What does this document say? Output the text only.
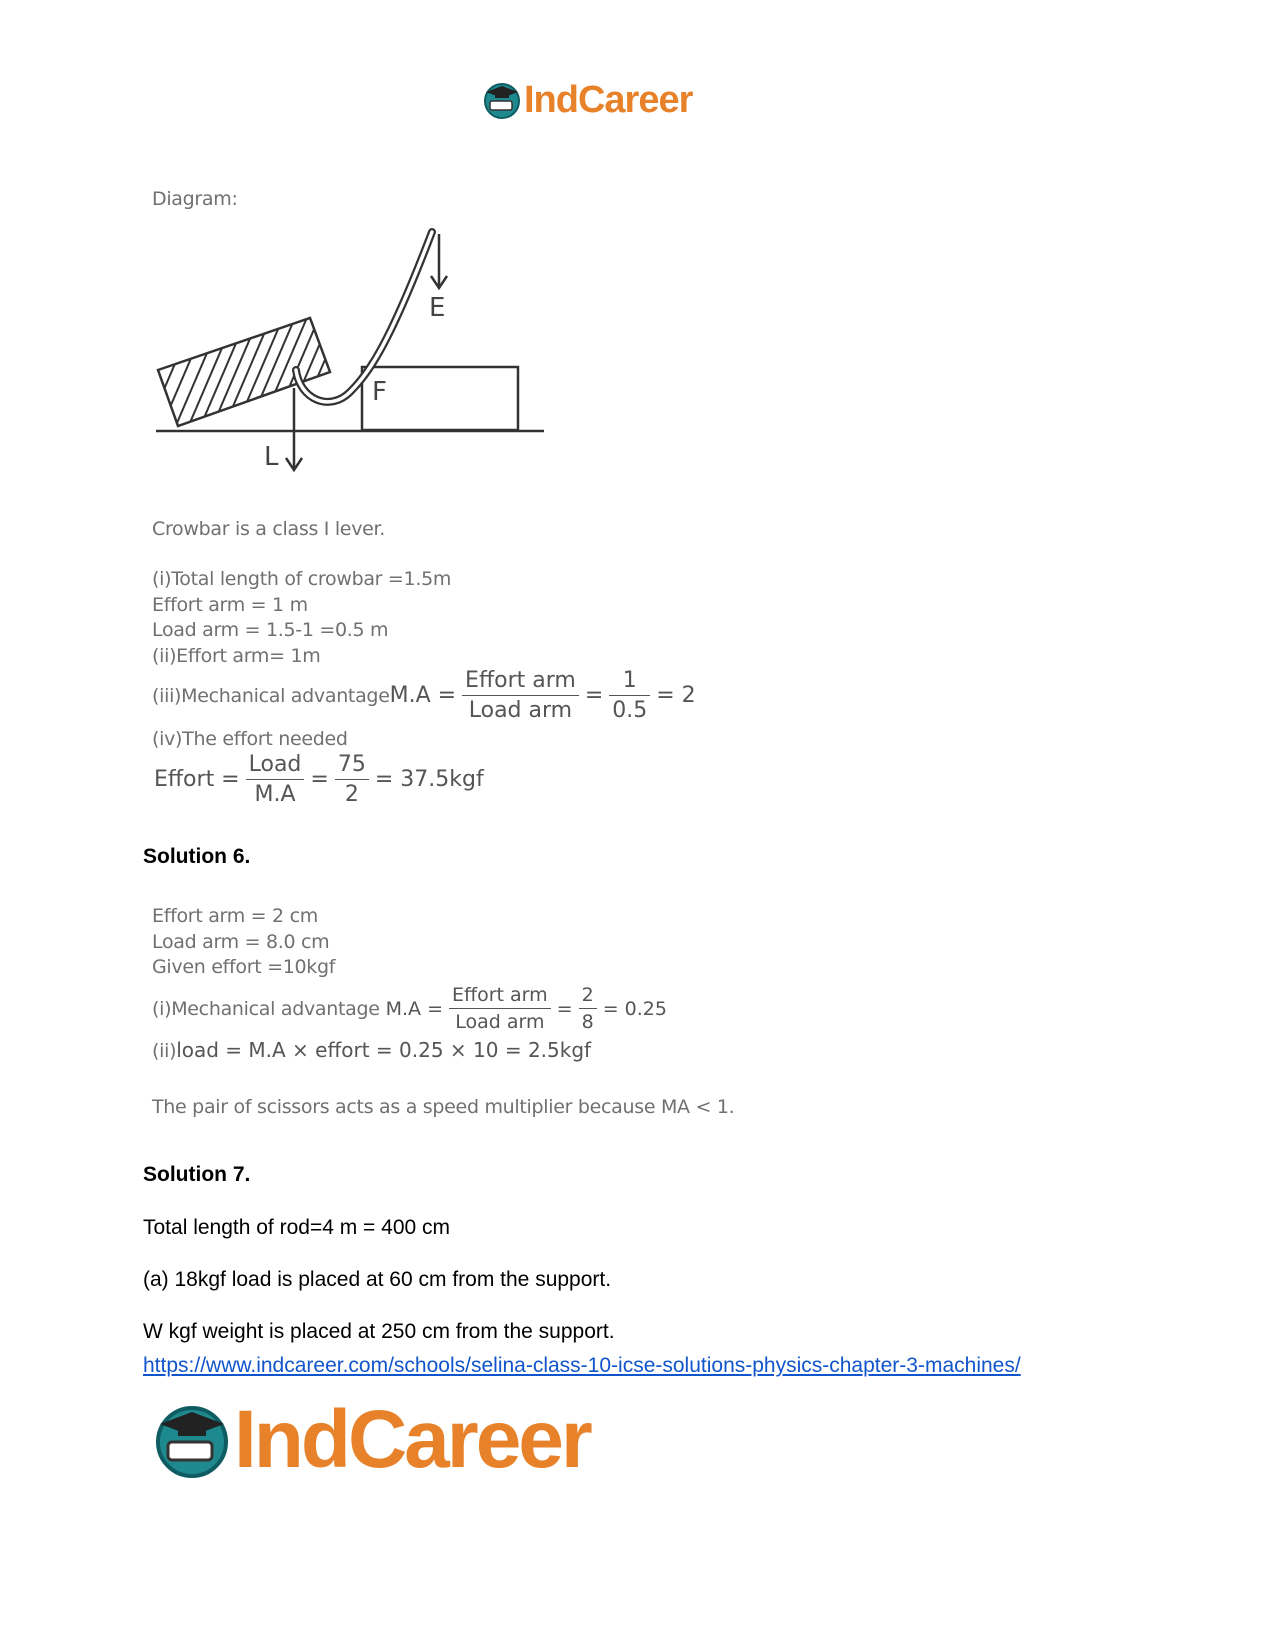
IndCareer
Diagram:
E
F
L
Crowbar is a class I lever.
(i)Total length of crowbar =1.5m
Effort arm = 1 m
Load arm = 1.5-1 =0.5 m
(ii)Effort arm= 1m
(iii)Mechanical advantage $M.A = \frac{\text{Effort arm}}{\text{Load arm}} = \frac{1}{0.5} = 2$
(iv)The effort needed
Effort = $\frac{\text{Load}}{M.A} = \frac{75}{2} = 37.5kgf$
Solution 6.
Effort arm = 2 cm
Load arm = 8.0 cm
Given effort =10kgf
(i)Mechanical advantage $M.A = \frac{\text{Effort arm}}{\text{Load arm}} = \frac{2}{8} = 0.25$
(ii)load = M.A × effort = 0.25 × 10 = 2.5kgf
The pair of scissors acts as a speed multiplier because MA < 1.
Solution 7.
Total length of rod=4 m = 400 cm
(a) 18kgf load is placed at 60 cm from the support.
W kgf weight is placed at 250 cm from the support.
https://www.indcareer.com/schools/selina-class-10-icse-solutions-physics-chapter-3-machines/
IndCareer
